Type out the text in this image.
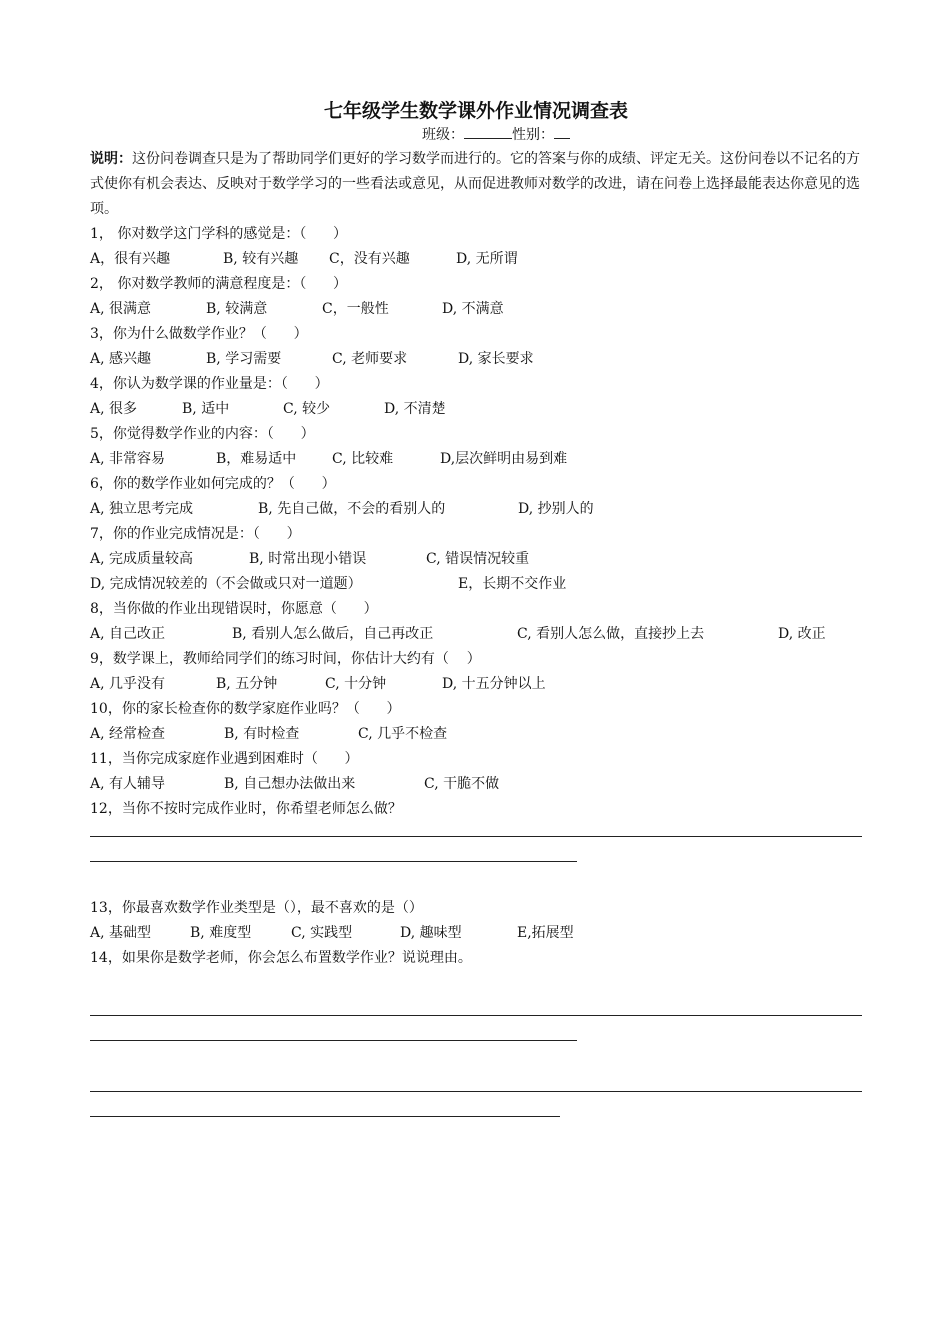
七年级学生数学课外作业情况调查表
班级：	性别：
说明：这份问卷调查只是为了帮助同学们更好的学习数学而进行的。它的答案与你的成绩、评定无关。这份问卷以不记名的方式使你有机会表达、反映对于数学学习的一些看法或意见，从而促进教师对数学的改进，请在问卷上选择最能表达你意见的选项。
1， 你对数学这门学科的感觉是：（      ）
A，很有兴趣	B, 较有兴趣 C，没有兴趣	D, 无所谓
2， 你对数学教师的满意程度是：（      ）
A, 很满意	B, 较满意	C，一般性	D, 不满意
3，你为什么做数学作业？（      ）
A, 感兴趣	B, 学习需要	C, 老师要求	D, 家长要求
4，你认为数学课的作业量是：（      ）
A, 很多	B, 适中	C, 较少	D, 不清楚
5，你觉得数学作业的内容：（      ）
A, 非常容易	B，难易适中	C, 比较难	D,层次鲜明由易到难
6，你的数学作业如何完成的？（      ）
A, 独立思考完成	B, 先自己做，不会的看别人的	D, 抄别人的
7，你的作业完成情况是：（      ）
A, 完成质量较高	B, 时常出现小错误	C, 错误情况较重
D, 完成情况较差的（不会做或只对一道题）	E，长期不交作业
8，当你做的作业出现错误时，你愿意（      ）
A, 自己改正	B, 看别人怎么做后，自己再改正	C, 看别人怎么做，直接抄上去	D, 改正
9，数学课上，教师给同学们的练习时间，你估计大约有（    ）
A, 几乎没有	B, 五分钟	C, 十分钟	D, 十五分钟以上
10，你的家长检查你的数学家庭作业吗？（      ）
A, 经常检查	B, 有时检查	C, 几乎不检查
11，当你完成家庭作业遇到困难时（      ）
A, 有人辅导	B, 自己想办法做出来	C, 干脆不做
12，当你不按时完成作业时，你希望老师怎么做？
13，你最喜欢数学作业类型是（），最不喜欢的是（）
A, 基础型	B, 难度型	C, 实践型	D, 趣味型	E,拓展型
14，如果你是数学老师，你会怎么布置数学作业？说说理由。
